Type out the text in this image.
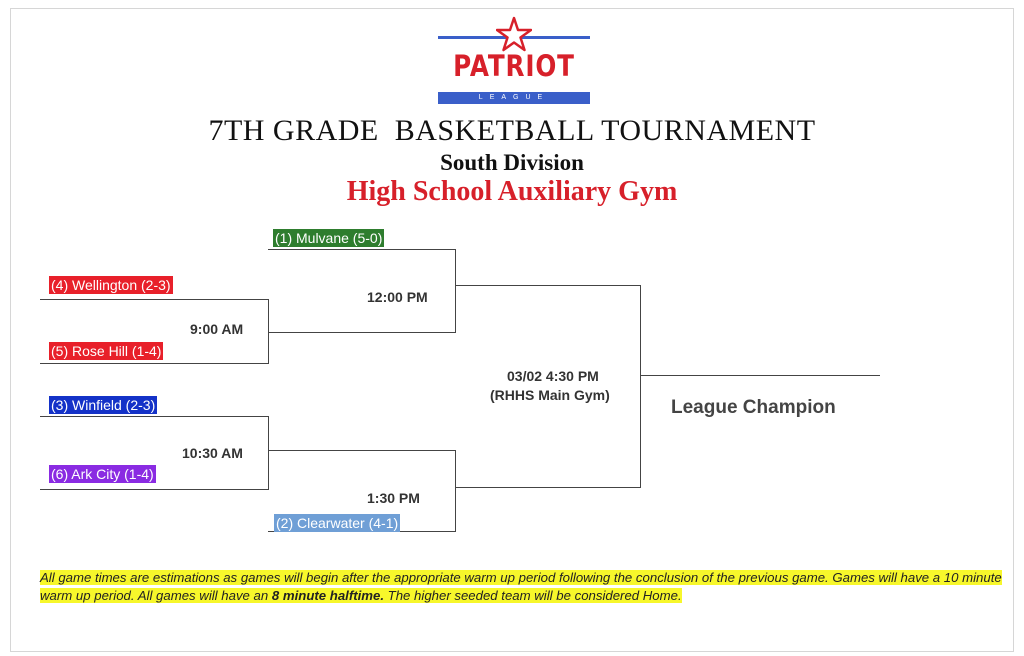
PATRIOT
LEAGUE
7TH GRADE  BASKETBALL TOURNAMENT
South Division
High School Auxiliary Gym
(1) Mulvane (5-0)
(4) Wellington (2-3)
(5) Rose Hill (1-4)
(3) Winfield (2-3)
(6) Ark City (1-4)
(2) Clearwater (4-1)
9:00 AM
10:30 AM
12:00 PM
1:30 PM
03/02 4:30 PM
(RHHS Main Gym)
League Champion
All game times are estimations as games will begin after the appropriate warm up period following the conclusion of the previous game. Games will have a 10 minute warm up period. All games will have an 8 minute halftime. The higher seeded team will be considered Home.
